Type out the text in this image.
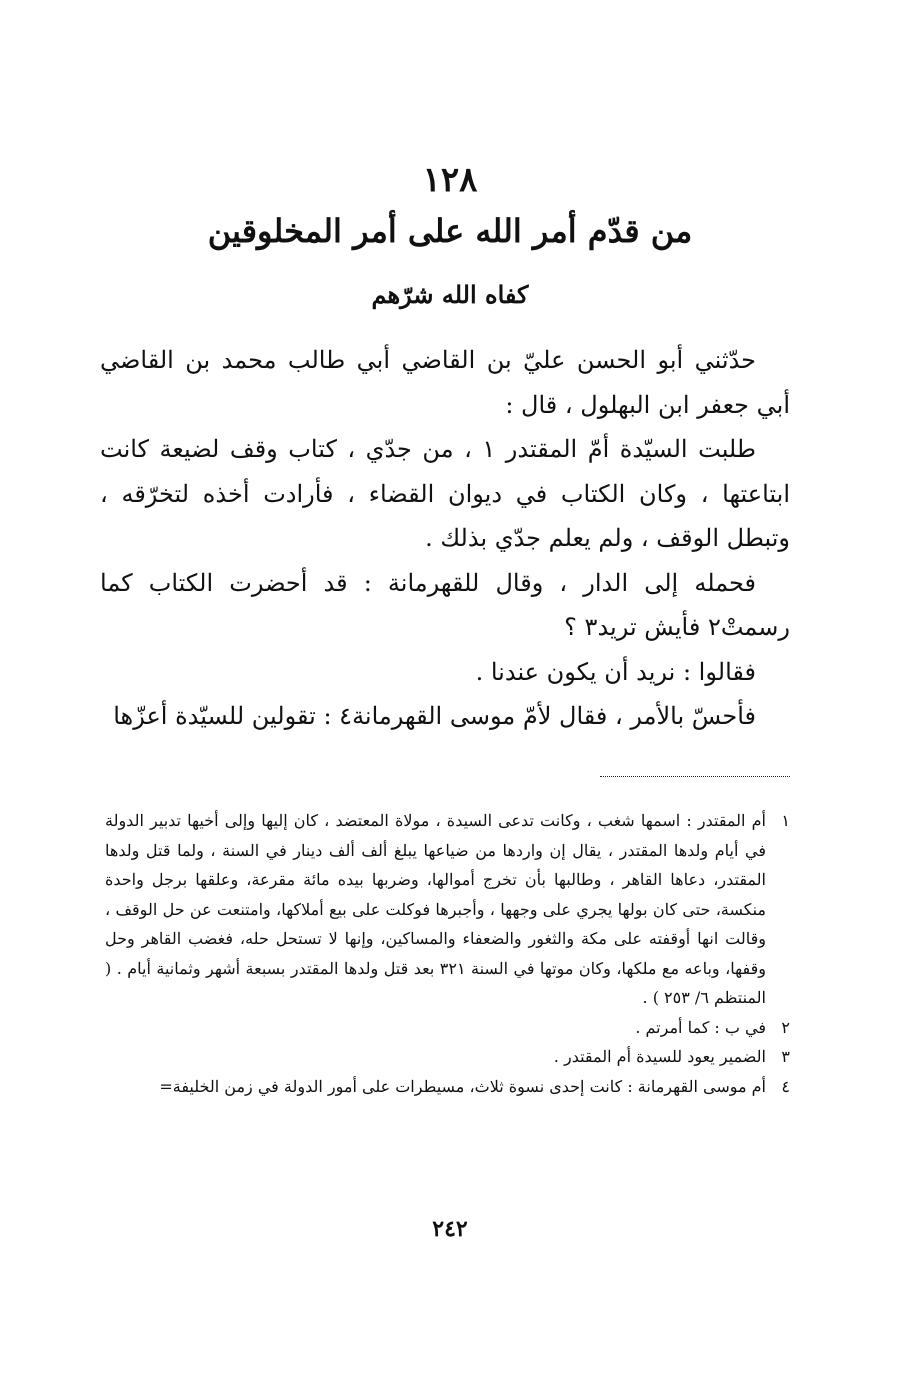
١٢٨
من قدّم أمر الله على أمر المخلوقين
كفاه الله شرّهم

حدّثني أبو الحسن عليّ بن القاضي أبي طالب محمد بن القاضي أبي جعفر ابن البهلول ، قال :

طلبت السيّدة أمّ المقتدر ١ ، من جدّي ، كتاب وقف لضيعة كانت ابتاعتها ، وكان الكتاب في ديوان القضاء ، فأرادت أخذه لتخرّقه ، وتبطل الوقف ، ولم يعلم جدّي بذلك .

فحمله إلى الدار ، وقال للقهرمانة : قد أحضرت الكتاب كما رسمتْ٢ فأيش تريد٣ ؟

فقالوا : نريد أن يكون عندنا .

فأحسّ بالأمر ، فقال لأمّ موسى القهرمانة٤ : تقولين للسيّدة أعزّها

١
أم المقتدر : اسمها شغب ، وكانت تدعى السيدة ، مولاة المعتضد ، كان إليها وإلى أخيها تدبير الدولة في أيام ولدها المقتدر ، يقال إن واردها من ضياعها يبلغ ألف ألف دينار في السنة ، ولما قتل ولدها المقتدر، دعاها القاهر ، وطالبها بأن تخرج أموالها، وضربها بيده مائة مقرعة، وعلقها برجل واحدة منكسة، حتى كان بولها يجري على وجهها ، وأجبرها فوكلت على بيع أملاكها، وامتنعت عن حل الوقف ، وقالت انها أوقفته على مكة والثغور والضعفاء والمساكين، وإنها لا تستحل حله، فغضب القاهر وحل وقفها، وباعه مع ملكها، وكان موتها في السنة ٣٢١ بعد قتل ولدها المقتدر بسبعة أشهر وثمانية أيام . ( المنتظم ٦/ ٢٥٣ ) .
٢
في ب : كما أمرتم .
٣
الضمير يعود للسيدة أم المقتدر .
٤
أم موسى القهرمانة : كانت إحدى نسوة ثلاث، مسيطرات على أمور الدولة في زمن الخليفة=
٢٤٢
